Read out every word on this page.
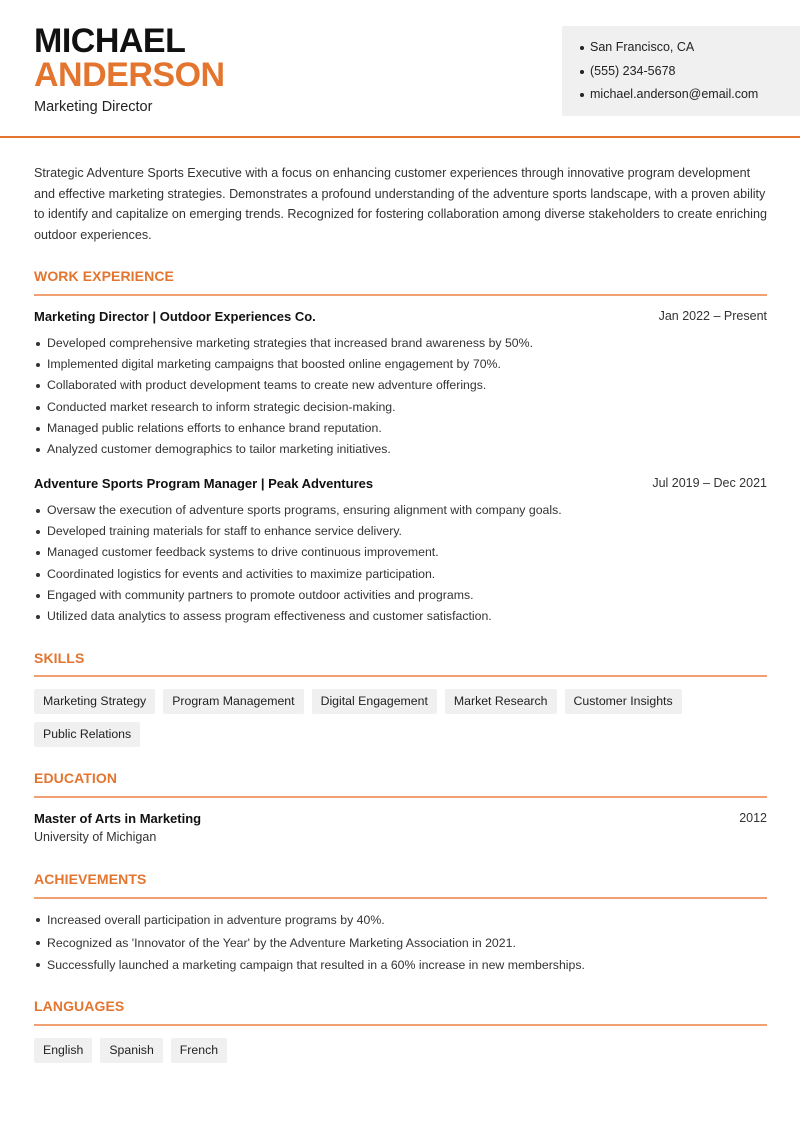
MICHAEL
ANDERSON
Marketing Director
San Francisco, CA
(555) 234-5678
michael.anderson@email.com

Strategic Adventure Sports Executive with a focus on enhancing customer experiences through innovative program development and effective marketing strategies. Demonstrates a profound understanding of the adventure sports landscape, with a proven ability to identify and capitalize on emerging trends. Recognized for fostering collaboration among diverse stakeholders to create enriching outdoor experiences.

WORK EXPERIENCE
Marketing Director | Outdoor Experiences Co.	Jan 2022 – Present
Developed comprehensive marketing strategies that increased brand awareness by 50%.
Implemented digital marketing campaigns that boosted online engagement by 70%.
Collaborated with product development teams to create new adventure offerings.
Conducted market research to inform strategic decision-making.
Managed public relations efforts to enhance brand reputation.
Analyzed customer demographics to tailor marketing initiatives.
Adventure Sports Program Manager | Peak Adventures	Jul 2019 – Dec 2021
Oversaw the execution of adventure sports programs, ensuring alignment with company goals.
Developed training materials for staff to enhance service delivery.
Managed customer feedback systems to drive continuous improvement.
Coordinated logistics for events and activities to maximize participation.
Engaged with community partners to promote outdoor activities and programs.
Utilized data analytics to assess program effectiveness and customer satisfaction.
SKILLS
Marketing Strategy	Program Management	Digital Engagement	Market Research	Customer Insights
Public Relations
EDUCATION
Master of Arts in Marketing	2012
University of Michigan
ACHIEVEMENTS
Increased overall participation in adventure programs by 40%.
Recognized as 'Innovator of the Year' by the Adventure Marketing Association in 2021.
Successfully launched a marketing campaign that resulted in a 60% increase in new memberships.
LANGUAGES
English	Spanish	French
